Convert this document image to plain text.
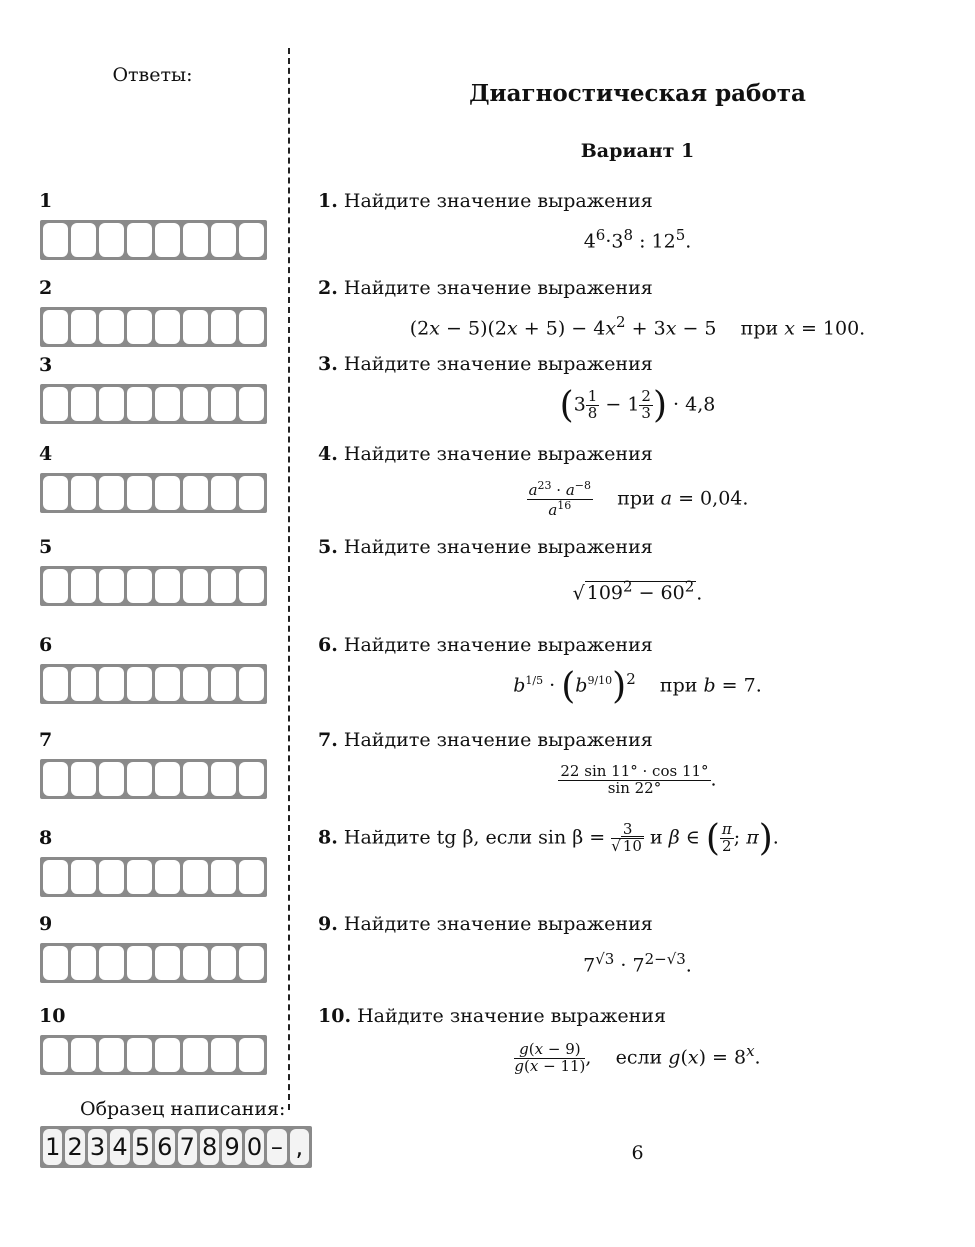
Ответы:
Диагностическая работа
Вариант 1
1
2
3
4
5
6
7
8
9
10
1. Найдите значение выражения
$4^6\cdot 3^8$ : $12^5$.
2. Найдите значение выражения
$(2x - 5)(2x + 5) - 4x^2 + 3x - 5$    при x = 100.
3. Найдите значение выражения
($3 \frac{1}{8} - 1 \frac{2}{3}$ ) · 4,8
4. Найдите значение выражения
$\frac{a^{23} \cdot a^{-8}}{a^{16}}$ при a = 0,04.
5. Найдите значение выражения
√ $109^2 - 60^2$ .
6. Найдите значение выражения
$b^{1/5} \cdot (b^{9/10})^2$ при b = 7.
7. Найдите значение выражения
$\frac{22 \sin 11^\circ \cdot \cos 11^\circ}{\sin 22^\circ}$ .
8. Найдите tg β, если $\sin \beta = \frac{3}{√ 10}$ и β ∈ ( $\frac{\pi}{2}$ ; π).
9. Найдите значение выражения
$7^{√3} \cdot 7^{2-√3}$.
10. Найдите значение выражения
$\frac{g(x - 9)}{g(x - 11)}$ ,    если $g(x) = 8^x$.
Образец написания:
1 2 3 4 5 6 7 8 9 0 – ,	6
